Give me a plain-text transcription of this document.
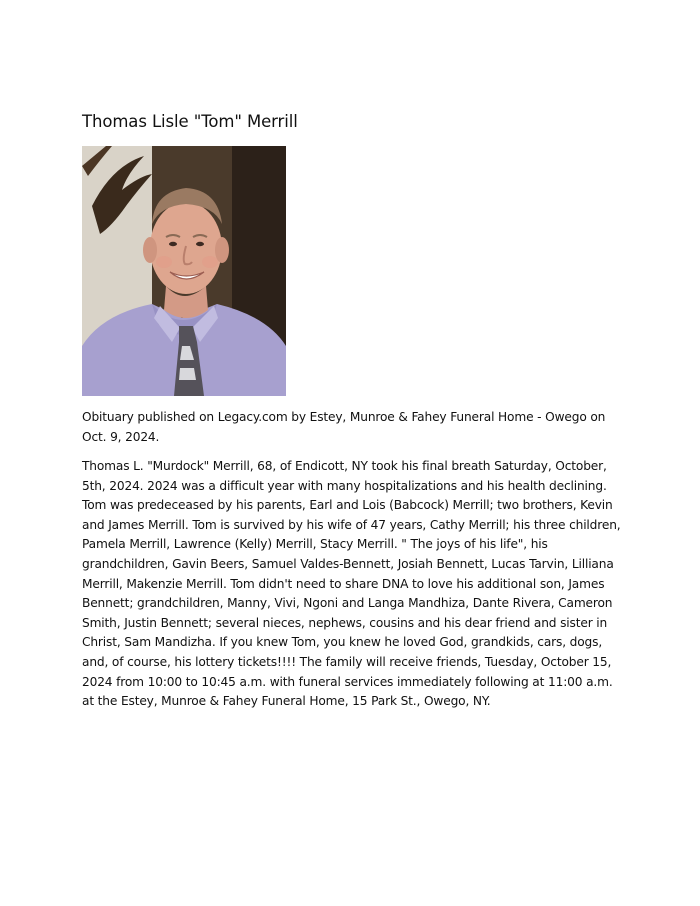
Thomas Lisle "Tom" Merrill

Obituary published on Legacy.com by Estey, Munroe & Fahey Funeral Home - Owego on Oct. 9, 2024.

Thomas L. "Murdock" Merrill, 68, of Endicott, NY took his final breath Saturday, October, 5th, 2024. 2024 was a difficult year with many hospitalizations and his health declining. Tom was predeceased by his parents, Earl and Lois (Babcock) Merrill; two brothers, Kevin and James Merrill. Tom is survived by his wife of 47 years, Cathy Merrill; his three children, Pamela Merrill, Lawrence (Kelly) Merrill, Stacy Merrill. " The joys of his life", his grandchildren, Gavin Beers, Samuel Valdes-Bennett, Josiah Bennett, Lucas Tarvin, Lilliana Merrill, Makenzie Merrill. Tom didn't need to share DNA to love his additional son, James Bennett; grandchildren, Manny, Vivi, Ngoni and Langa Mandhiza, Dante Rivera, Cameron Smith, Justin Bennett; several nieces, nephews, cousins and his dear friend and sister in Christ, Sam Mandizha. If you knew Tom, you knew he loved God, grandkids, cars, dogs, and, of course, his lottery tickets!!!! The family will receive friends, Tuesday, October 15, 2024 from 10:00 to 10:45 a.m. with funeral services immediately following at 11:00 a.m. at the Estey, Munroe & Fahey Funeral Home, 15 Park St., Owego, NY.
